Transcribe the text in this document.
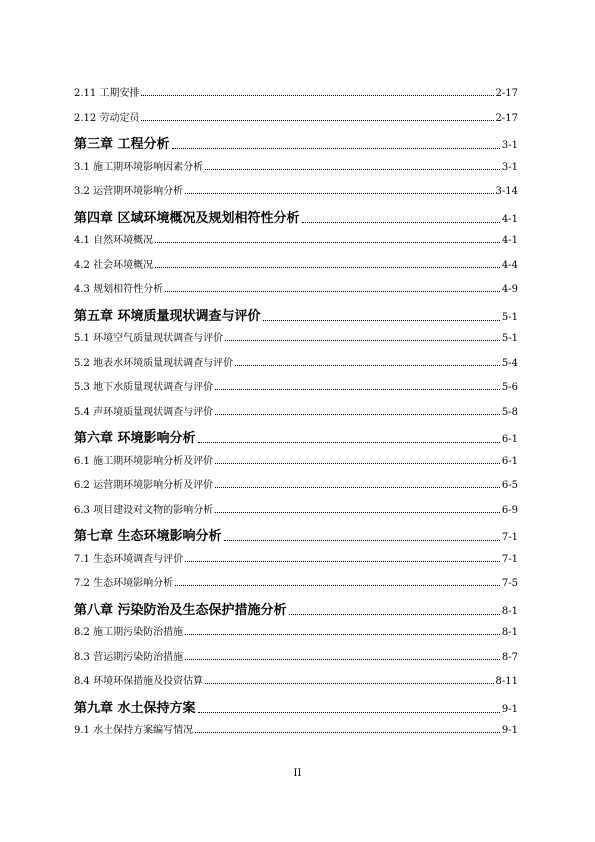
2.11 工期安排	2-17
2.12 劳动定员	2-17
第三章 工程分析	3-1
3.1 施工期环境影响因素分析	3-1
3.2 运营期环境影响分析	3-14
第四章 区域环境概况及规划相符性分析	4-1
4.1 自然环境概况	4-1
4.2 社会环境概况	4-4
4.3 规划相符性分析	4-9
第五章 环境质量现状调查与评价	5-1
5.1 环境空气质量现状调查与评价	5-1
5.2 地表水环境质量现状调查与评价	5-4
5.3 地下水质量现状调查与评价	5-6
5.4 声环境质量现状调查与评价	5-8
第六章 环境影响分析	6-1
6.1 施工期环境影响分析及评价	6-1
6.2 运营期环境影响分析及评价	6-5
6.3 项目建设对文物的影响分析	6-9
第七章 生态环境影响分析	7-1
7.1 生态环境调查与评价	7-1
7.2 生态环境影响分析	7-5
第八章 污染防治及生态保护措施分析	8-1
8.2 施工期污染防治措施	8-1
8.3 营运期污染防治措施	8-7
8.4 环境环保措施及投资估算	8-11
第九章 水土保持方案	9-1
9.1 水土保持方案编写情况	9-1
II
